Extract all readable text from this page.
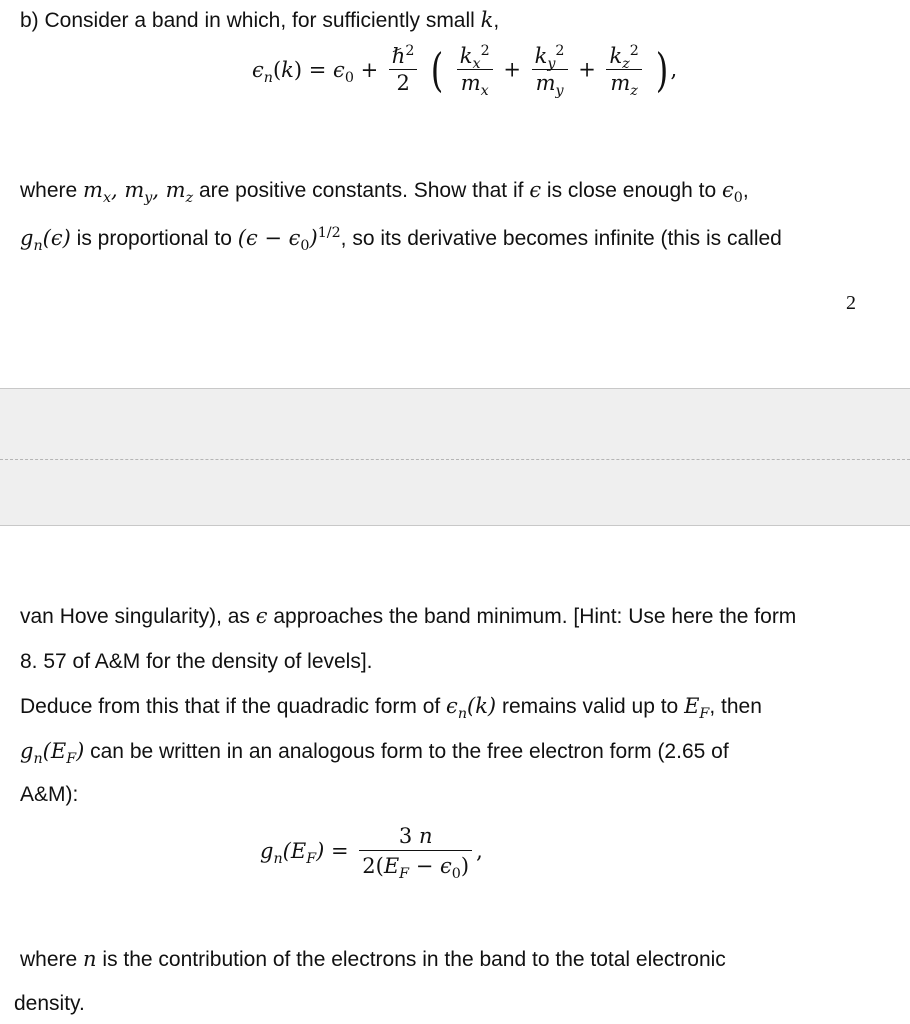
b) Consider a band in which, for sufficiently small k,
$\epsilon_n(k) = \epsilon_0 + \frac{\hbar^2}{2}$ ( $\frac{k_x^2}{m_x} + \frac{k_y^2}{m_y} + \frac{k_z^2}{m_z}$ ) ,
where $m_x$, $m_y$, $m_z$ are positive constants. Show that if ϵ is close enough to $\epsilon_0$,
$g_n(\epsilon)$ is proportional to $(\epsilon - \epsilon_0)^{1/2}$, so its derivative becomes infinite (this is called
2
van Hove singularity), as ϵ approaches the band minimum. [Hint: Use here the form
8. 57 of A&M for the density of levels].
Deduce from this that if the quadradic form of $\epsilon_n(k)$ remains valid up to $E_F$, then
$g_n(E_F)$ can be written in an analogous form to the free electron form (2.65 of
A&M):
$g_n(E_F) = \frac{3 n}{2(E_F - \epsilon_0)}$ ,
where n is the contribution of the electrons in the band to the total electronic
density.
